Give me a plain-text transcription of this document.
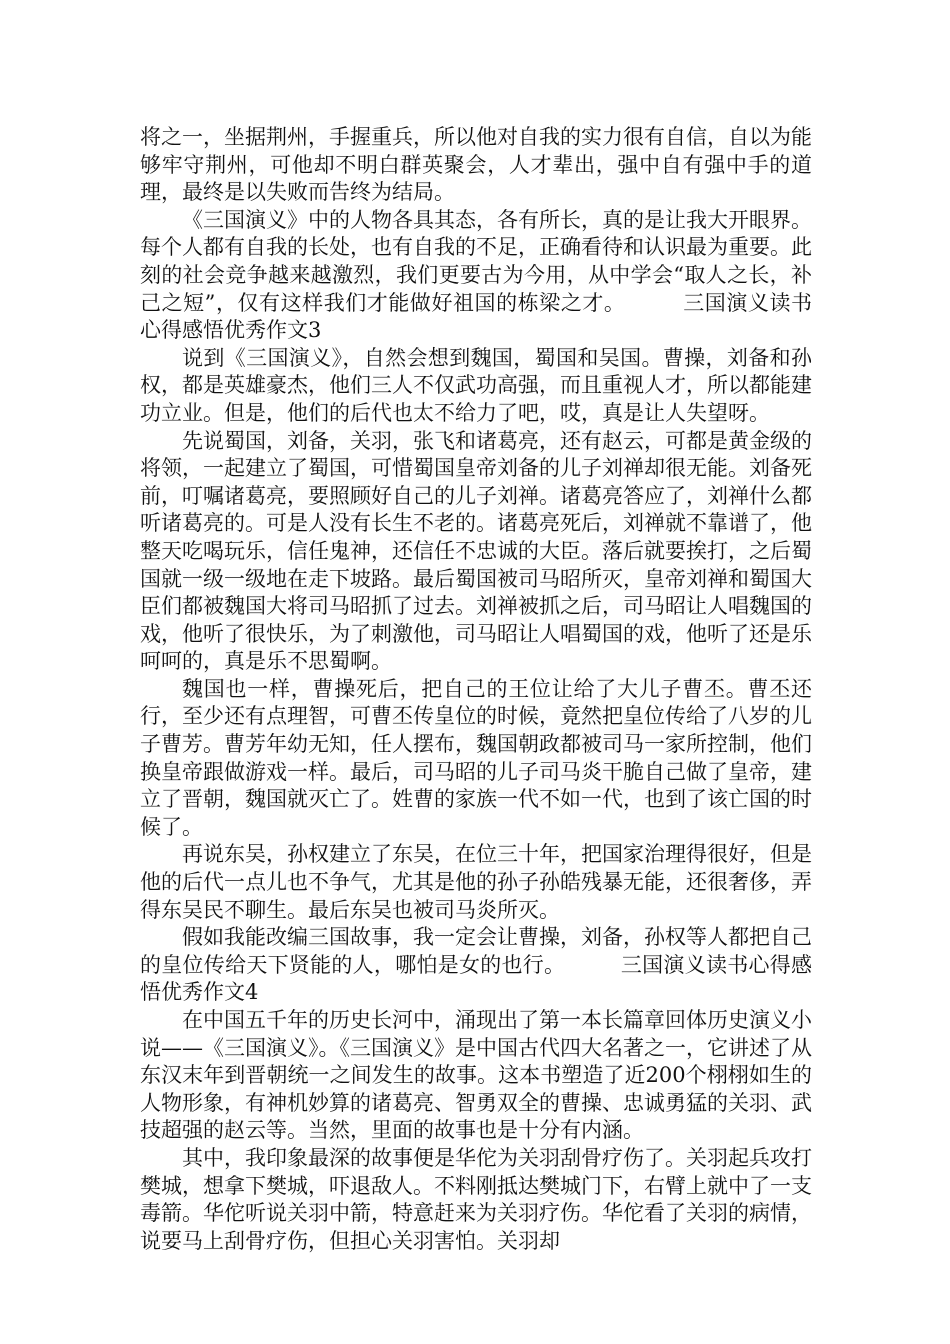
将之一，坐据荆州，手握重兵，所以他对自我的实力很有自信，自以为能够牢守荆州，可他却不明白群英聚会，人才辈出，强中自有强中手的道理，最终是以失败而告终为结局。

《三国演义》中的人物各具其态，各有所长，真的是让我大开眼界。每个人都有自我的长处，也有自我的不足，正确看待和认识最为重要。此刻的社会竞争越来越激烈，我们更要古为今用，从中学会“取人之长，补己之短”，仅有这样我们才能做好祖国的栋梁之才。	三国演义读书心得感悟优秀作文3

说到《三国演义》，自然会想到魏国，蜀国和吴国。曹操，刘备和孙权，都是英雄豪杰，他们三人不仅武功高强，而且重视人才，所以都能建功立业。但是，他们的后代也太不给力了吧，哎，真是让人失望呀。

先说蜀国，刘备，关羽，张飞和诸葛亮，还有赵云，可都是黄金级的将领，一起建立了蜀国，可惜蜀国皇帝刘备的儿子刘禅却很无能。刘备死前，叮嘱诸葛亮，要照顾好自己的儿子刘禅。诸葛亮答应了，刘禅什么都听诸葛亮的。可是人没有长生不老的。诸葛亮死后，刘禅就不靠谱了，他整天吃喝玩乐，信任鬼神，还信任不忠诚的大臣。落后就要挨打，之后蜀国就一级一级地在走下坡路。最后蜀国被司马昭所灭，皇帝刘禅和蜀国大臣们都被魏国大将司马昭抓了过去。刘禅被抓之后，司马昭让人唱魏国的戏，他听了很快乐，为了刺激他，司马昭让人唱蜀国的戏，他听了还是乐呵呵的，真是乐不思蜀啊。

魏国也一样，曹操死后，把自己的王位让给了大儿子曹丕。曹丕还行，至少还有点理智，可曹丕传皇位的时候，竟然把皇位传给了八岁的儿子曹芳。曹芳年幼无知，任人摆布，魏国朝政都被司马一家所控制，他们换皇帝跟做游戏一样。最后，司马昭的儿子司马炎干脆自己做了皇帝，建立了晋朝，魏国就灭亡了。姓曹的家族一代不如一代，也到了该亡国的时候了。

再说东吴，孙权建立了东吴，在位三十年，把国家治理得很好，但是他的后代一点儿也不争气，尤其是他的孙子孙皓残暴无能，还很奢侈，弄得东吴民不聊生。最后东吴也被司马炎所灭。

假如我能改编三国故事，我一定会让曹操，刘备，孙权等人都把自己的皇位传给天下贤能的人，哪怕是女的也行。	三国演义读书心得感悟优秀作文4

在中国五千年的历史长河中，涌现出了第一本长篇章回体历史演义小说——《三国演义》。《三国演义》是中国古代四大名著之一，它讲述了从东汉末年到晋朝统一之间发生的故事。这本书塑造了近200个栩栩如生的人物形象，有神机妙算的诸葛亮、智勇双全的曹操、忠诚勇猛的关羽、武技超强的赵云等。当然，里面的故事也是十分有内涵。

其中，我印象最深的故事便是华佗为关羽刮骨疗伤了。关羽起兵攻打樊城，想拿下樊城，吓退敌人。不料刚抵达樊城门下，右臂上就中了一支毒箭。华佗听说关羽中箭，特意赶来为关羽疗伤。华佗看了关羽的病情，说要马上刮骨疗伤，但担心关羽害怕。关羽却
